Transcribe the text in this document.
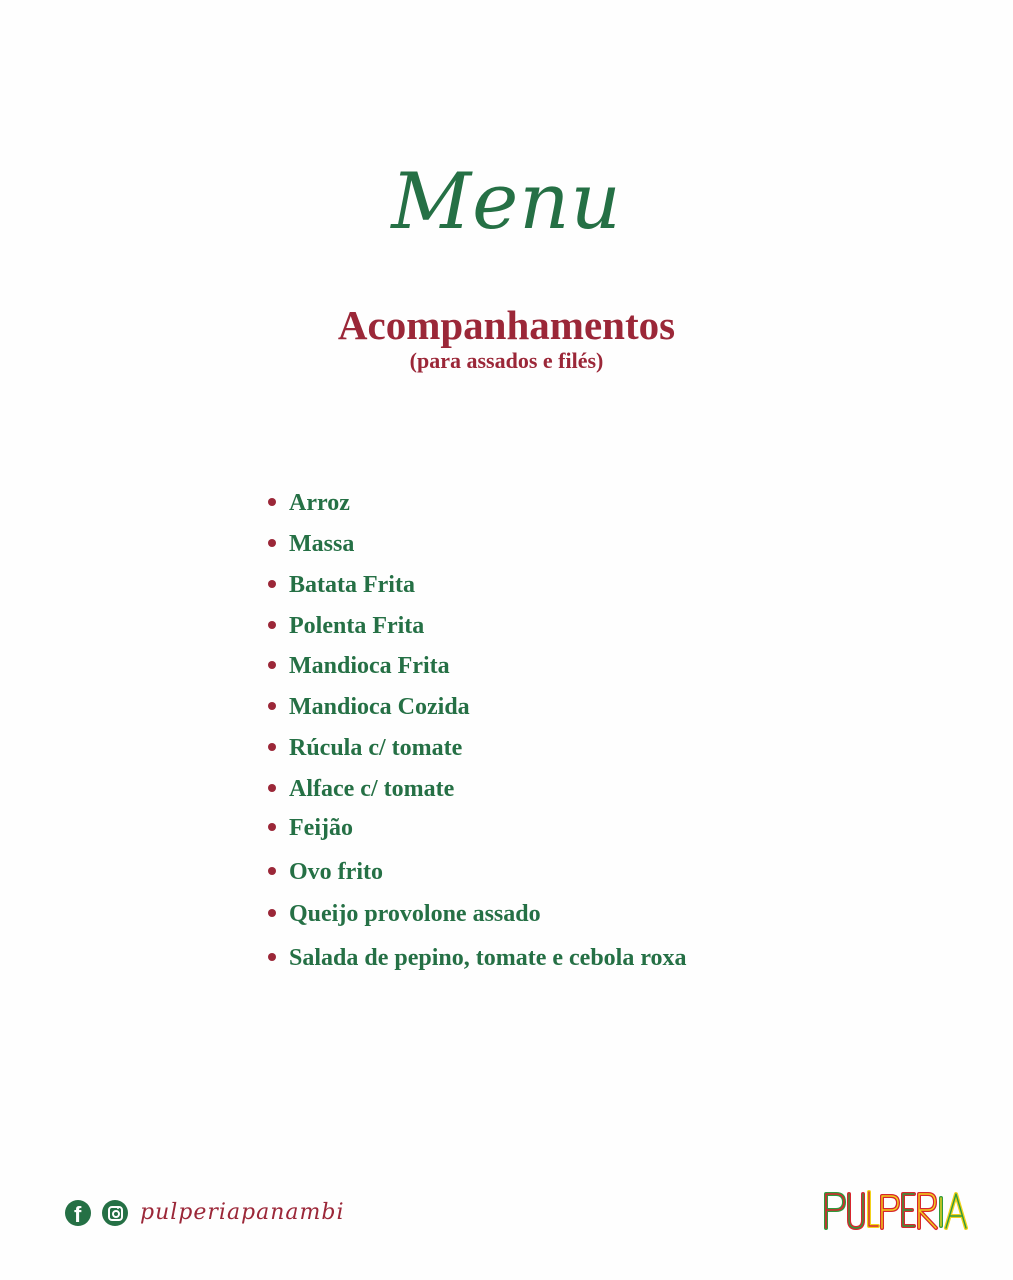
Menu
Acompanhamentos
(para assados e filés)
Arroz
Massa
Batata Frita
Polenta Frita
Mandioca Frita
Mandioca Cozida
Rúcula c/ tomate
Alface c/ tomate
Feijão
Ovo frito
Queijo provolone assado
Salada de pepino, tomate e cebola roxa
f	pulperiapanambi
